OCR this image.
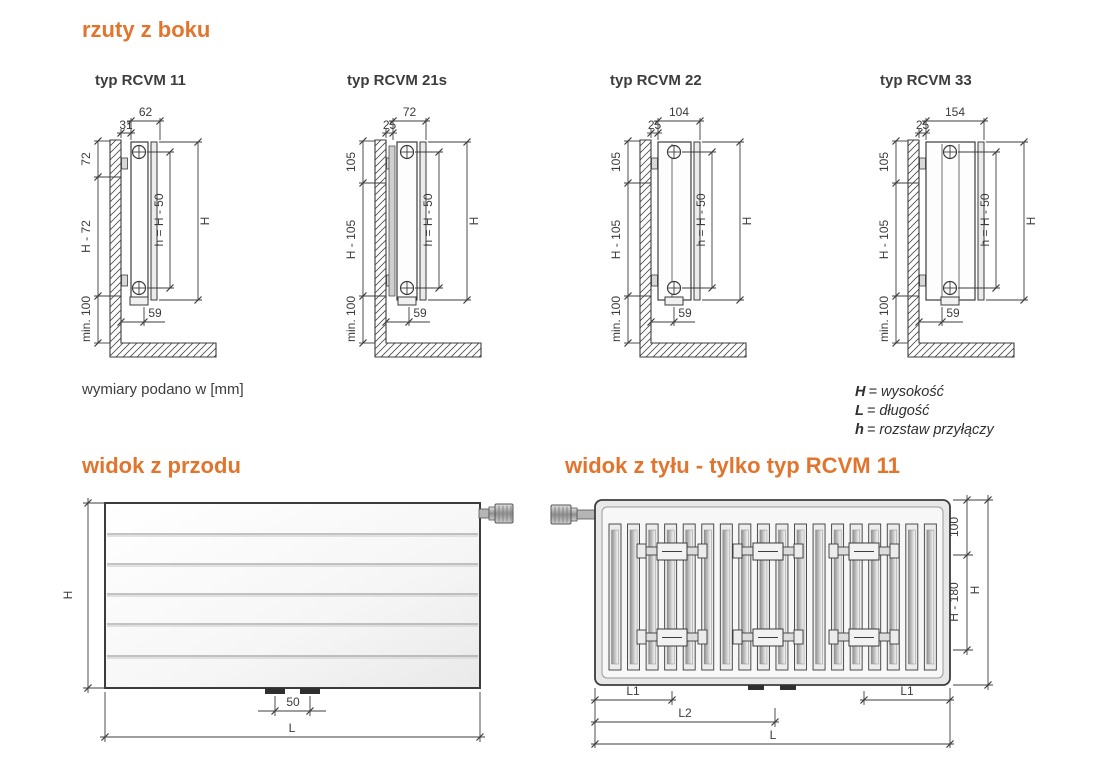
rzuty z boku
typ RCVM 11
62
31
72
H - 72
min. 100
h = H - 50	H
59
typ RCVM 21s
72
25
105
H - 105
min. 100
h = H - 50	H
59
typ RCVM 22
104
25
105
H - 105
min. 100
h = H - 50	H
59
typ RCVM 33
154
25
105
H - 105
min. 100
h = H - 50	H
59
wymiary podano w [mm]	H = wysokość
L = długość
h = rozstaw przyłączy
widok z przodu
H
50
L
widok z tyłu - tylko typ RCVM 11
100
H - 180 H
L1	L1
L2
L
